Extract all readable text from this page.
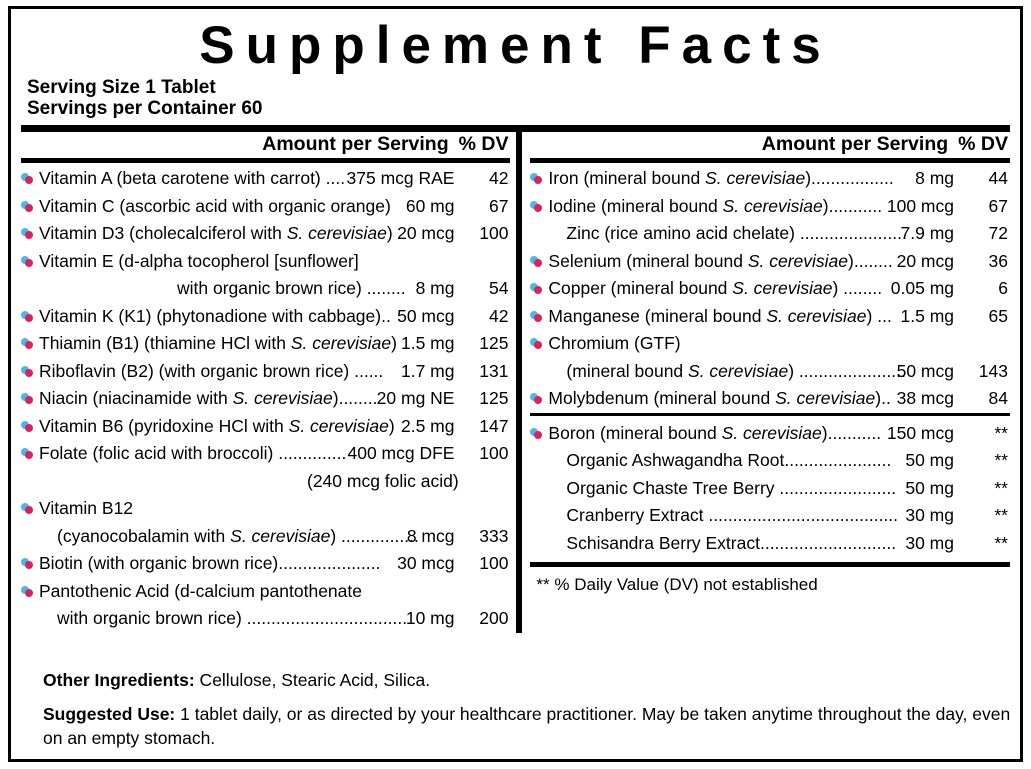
Supplement Facts
Serving Size 1 Tablet
Servings per Container 60
Amount per Serving % DV
Vitamin A (beta carotene with carrot) .... 375 mcg RAE	42
Vitamin C (ascorbic acid with organic orange) 60 mg	67
Vitamin D3 (cholecalciferol with S. cerevisiae) 20 mcg	100
Vitamin E (d-alpha tocopherol [sunflower]
with organic brown rice) ........ 8 mg	54
Vitamin K (K1) (phytonadione with cabbage).. 50 mcg	42
Thiamin (B1) (thiamine HCl with S. cerevisiae) 1.5 mg	125
Riboflavin (B2) (with organic brown rice) ...... 1.7 mg	131
Niacin (niacinamide with S. cerevisiae)........ 20 mg NE	125
Vitamin B6 (pyridoxine HCl with S. cerevisiae) 2.5 mg	147
Folate (folic acid with broccoli) .............. 400 mcg DFE	100
(240 mcg folic acid)
Vitamin B12
(cyanocobalamin with S. cerevisiae) ................
8 mcg	333
Biotin (with organic brown rice)..................... 30 mcg	100
Pantothenic Acid (d-calcium pantothenate
with organic brown rice) .................................
10 mg	200
Amount per Serving % DV
Iron (mineral bound S. cerevisiae)................. 8 mg	44
Iodine (mineral bound S. cerevisiae)........... 100 mcg	67
Zinc (rice amino acid chelate) ......................
7.9 mg	72
Selenium (mineral bound S. cerevisiae)........ 20 mcg	36
Copper (mineral bound S. cerevisiae) ........ 0.05 mg	6
Manganese (mineral bound S. cerevisiae) ... 1.5 mg	65
Chromium (GTF)
(mineral bound S. cerevisiae) ......................
50 mcg	143
Molybdenum (mineral bound S. cerevisiae).. 38 mcg	84
Boron (mineral bound S. cerevisiae)........... 150 mcg	**
Organic Ashwagandha Root...................... 50 mg	**
Organic Chaste Tree Berry ........................ 50 mg	**
Cranberry Extract ....................................... 30 mg	**
Schisandra Berry Extract............................ 30 mg	**
** % Daily Value (DV) not established

Other Ingredients: Cellulose, Stearic Acid, Silica.

Suggested Use: 1 tablet daily, or as directed by your healthcare practitioner. May be taken anytime throughout the day, even on an empty stomach.
